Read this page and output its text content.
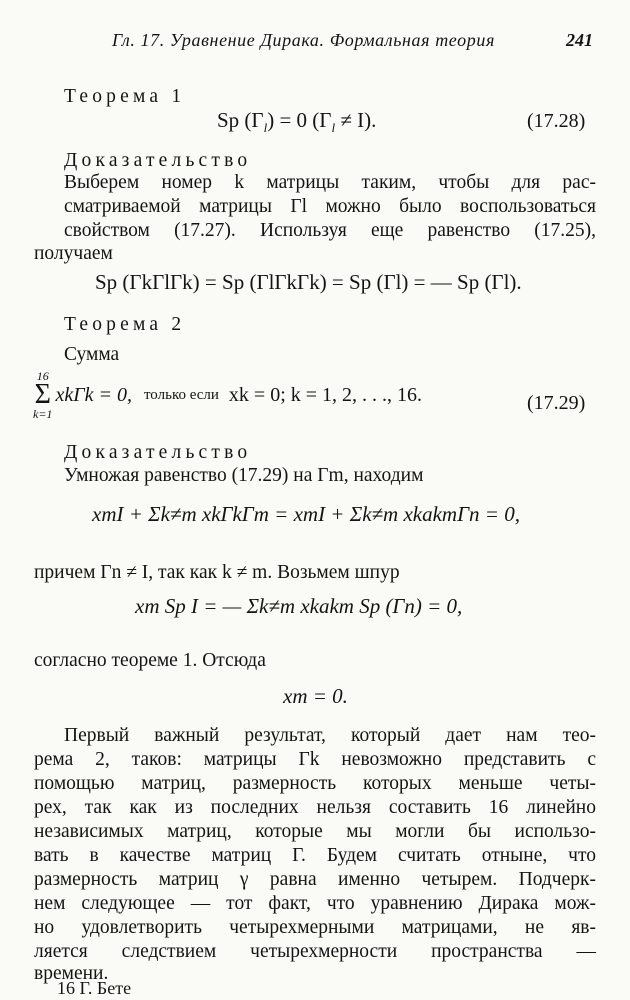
Гл. 17. Уравнение Дирака. Формальная теория	241
Теорема 1
Sp $(\Gamma_l) = 0$ $(\Gamma_l \ne I)$.	(17.28)
Доказательство
Выберем номер k матрицы таким, чтобы для рас-
сматриваемой матрицы Γl можно было воспользоваться
свойством (17.27). Используя еще равенство (17.25),
получаем
Sp (ΓkΓlΓk) = Sp (ΓlΓkΓk) = Sp (Γl) = — Sp (Γl).
Теорема 2
Сумма
16
Σ
k=1
xkΓk = 0, только если xk = 0; k = 1, 2, . . ., 16.	(17.29)
Доказательство
Умножая равенство (17.29) на Γm, находим
xmI + Σk≠m xkΓkΓm = xmI + Σk≠m xkakmΓn = 0,
причем Γn ≠ I, так как k ≠ m. Возьмем шпур
xm Sp I = — Σk≠m xkakm Sp (Γn) = 0,
согласно теореме 1. Отсюда
xm = 0.
Первый важный результат, который дает нам тео-
рема 2, таков: матрицы Γk невозможно представить с
помощью матриц, размерность которых меньше четы-
рех, так как из последних нельзя составить 16 линейно
независимых матриц, которые мы могли бы использо-
вать в качестве матриц Γ. Будем считать отныне, что
размерность матриц γ равна именно четырем. Подчерк-
нем следующее — тот факт, что уравнению Дирака мож-
но удовлетворить четырехмерными матрицами, не яв-
ляется следствием четырехмерности пространства —
времени.
16 Г. Бете
